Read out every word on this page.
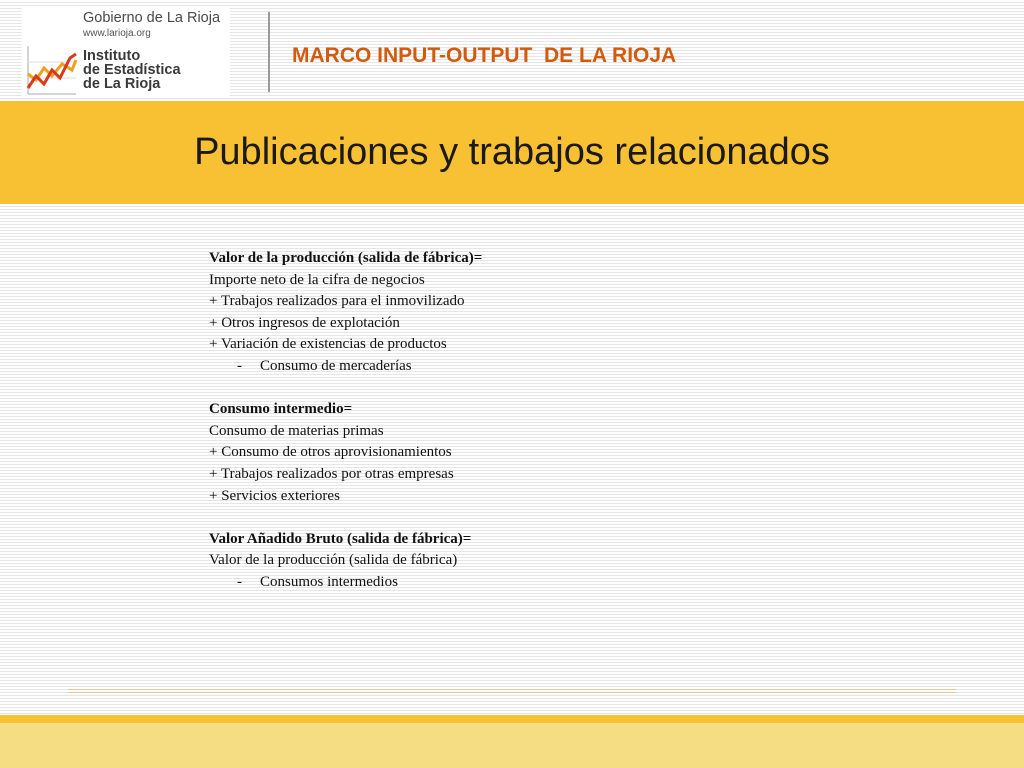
Gobierno de La Rioja
www.larioja.org
Instituto
de Estadística
de La Rioja
MARCO INPUT-OUTPUT  DE LA RIOJA
Publicaciones y trabajos relacionados
Valor de la producción (salida de fábrica)=
Importe neto de la cifra de negocios
+ Trabajos realizados para el inmovilizado
+ Otros ingresos de explotación
+ Variación de existencias de productos
- Consumo de mercaderías
Consumo intermedio=
Consumo de materias primas
+ Consumo de otros aprovisionamientos
+ Trabajos realizados por otras empresas
+ Servicios exteriores
Valor Añadido Bruto (salida de fábrica)=
Valor de la producción (salida de fábrica)
- Consumos intermedios
